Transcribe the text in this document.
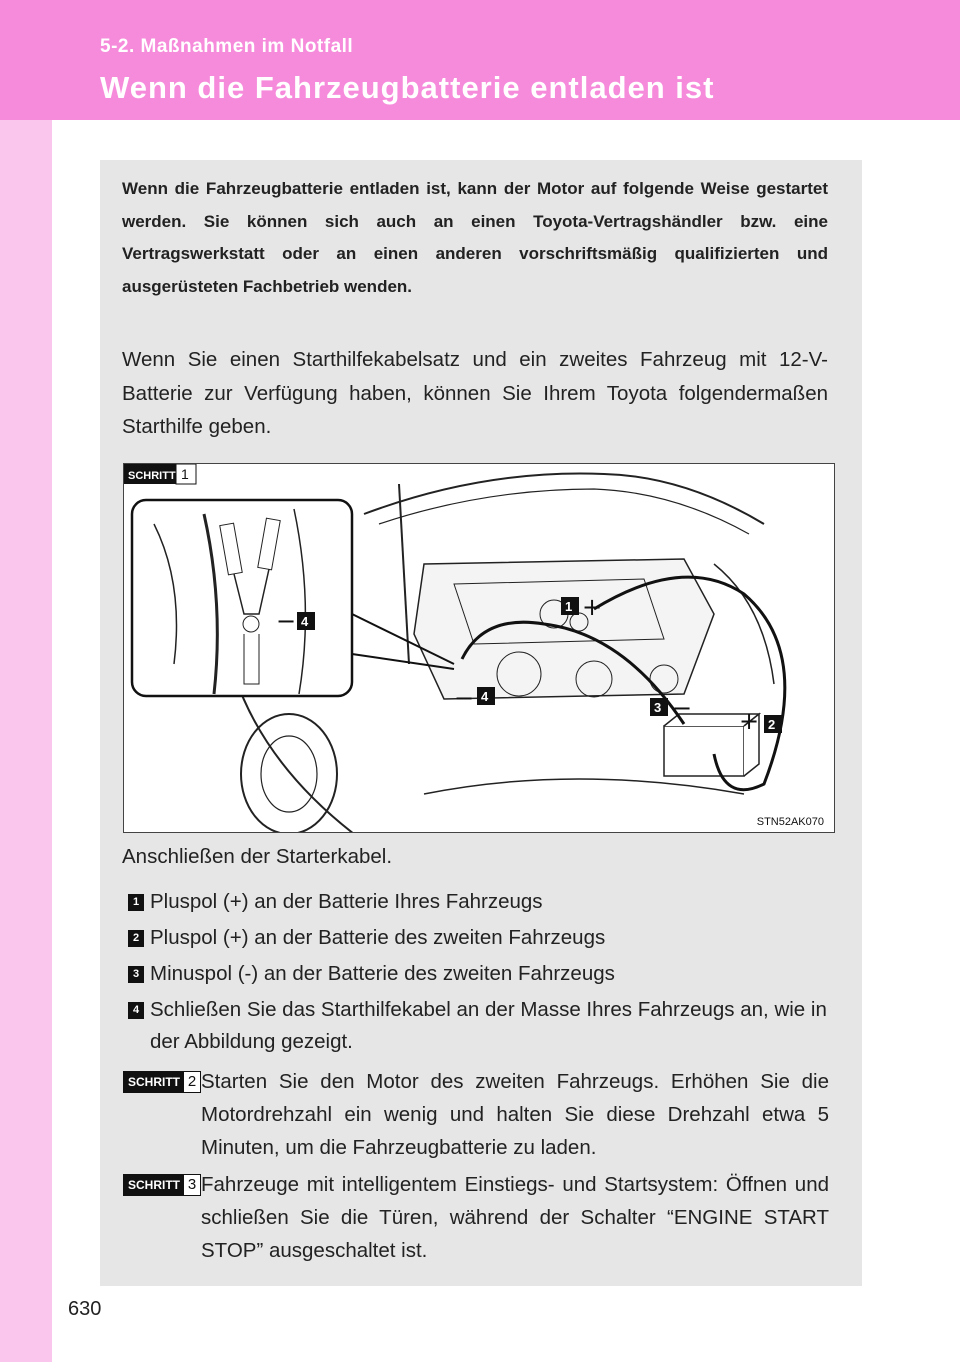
5-2. Maßnahmen im Notfall
Wenn die Fahrzeugbatterie entladen ist
Wenn die Fahrzeugbatterie entladen ist, kann der Motor auf folgende Weise gestartet werden. Sie können sich auch an einen Toyota-Vertragshändler bzw. eine Vertragswerkstatt oder an einen anderen vorschriftsmäßig qualifizierten und ausgerüsteten Fachbetrieb wenden.
Wenn Sie einen Starthilfekabelsatz und ein zweites Fahrzeug mit 12-V-Batterie zur Verfügung haben, können Sie Ihrem Toyota folgendermaßen Starthilfe geben.
SCHRITT 1
− 4
1 +
− 4
3 − + 2
STN52AK070
Anschließen der Starterkabel.
1 Pluspol (+) an der Batterie Ihres Fahrzeugs
2 Pluspol (+) an der Batterie des zweiten Fahrzeugs
3 Minuspol (-) an der Batterie des zweiten Fahrzeugs
4 Schließen Sie das Starthilfekabel an der Masse Ihres Fahrzeugs an, wie in der Abbildung gezeigt.
SCHRITT 2 Starten Sie den Motor des zweiten Fahrzeugs. Erhöhen Sie die Motordrehzahl ein wenig und halten Sie diese Drehzahl etwa 5 Minuten, um die Fahrzeugbatterie zu laden.
SCHRITT 3 Fahrzeuge mit intelligentem Einstiegs- und Startsystem: Öffnen und schließen Sie die Türen, während der Schalter “ENGINE START STOP” ausgeschaltet ist.
630
